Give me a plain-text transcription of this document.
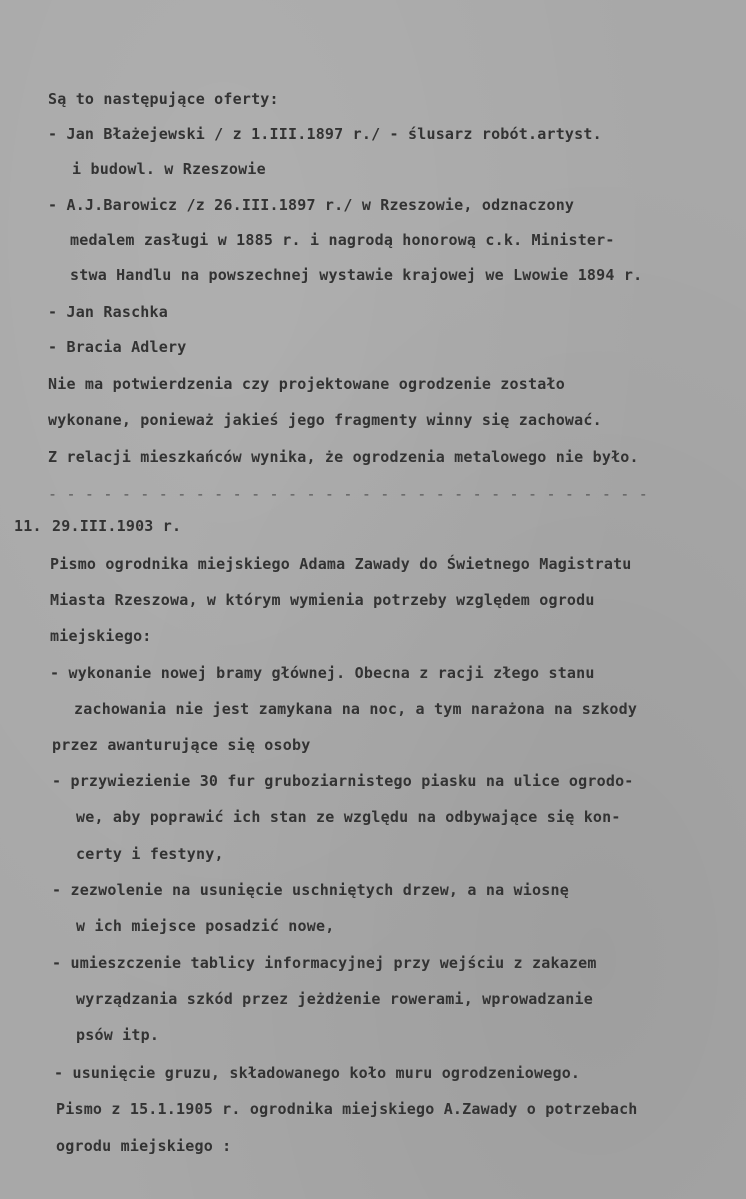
Są to następujące oferty:
- Jan Błażejewski / z 1.III.1897 r./ - ślusarz robót.artyst.
i budowl. w Rzeszowie
- A.J.Barowicz /z 26.III.1897 r./ w Rzeszowie, odznaczony
medalem zasługi w 1885 r. i nagrodą honorową c.k. Minister-
stwa Handlu na powszechnej wystawie krajowej we Lwowie 1894 r.
- Jan Raschka
- Bracia Adlery
Nie ma potwierdzenia czy projektowane ogrodzenie zostało
wykonane, ponieważ jakieś jego fragmenty winny się zachować.
Z relacji mieszkańców wynika, że ogrodzenia metalowego nie było.
- - - - - - - - - - - - - - - - - - - - - - - - - - - - - - - - -
11. 29.III.1903 r.
Pismo ogrodnika miejskiego Adama Zawady do Świetnego Magistratu
Miasta Rzeszowa, w którym wymienia potrzeby względem ogrodu
miejskiego:
- wykonanie nowej bramy głównej. Obecna z racji złego stanu
zachowania nie jest zamykana na noc, a tym narażona na szkody
przez awanturujące się osoby
- przywiezienie 30 fur gruboziarnistego piasku na ulice ogrodo-
we, aby poprawić ich stan ze względu na odbywające się kon-
certy i festyny,
- zezwolenie na usunięcie uschniętych drzew, a na wiosnę
w ich miejsce posadzić nowe,
- umieszczenie tablicy informacyjnej przy wejściu z zakazem
wyrządzania szkód przez jeżdżenie rowerami, wprowadzanie
psów itp.
- usunięcie gruzu, składowanego koło muru ogrodzeniowego.
Pismo z 15.1.1905 r. ogrodnika miejskiego A.Zawady o potrzebach
ogrodu miejskiego :
